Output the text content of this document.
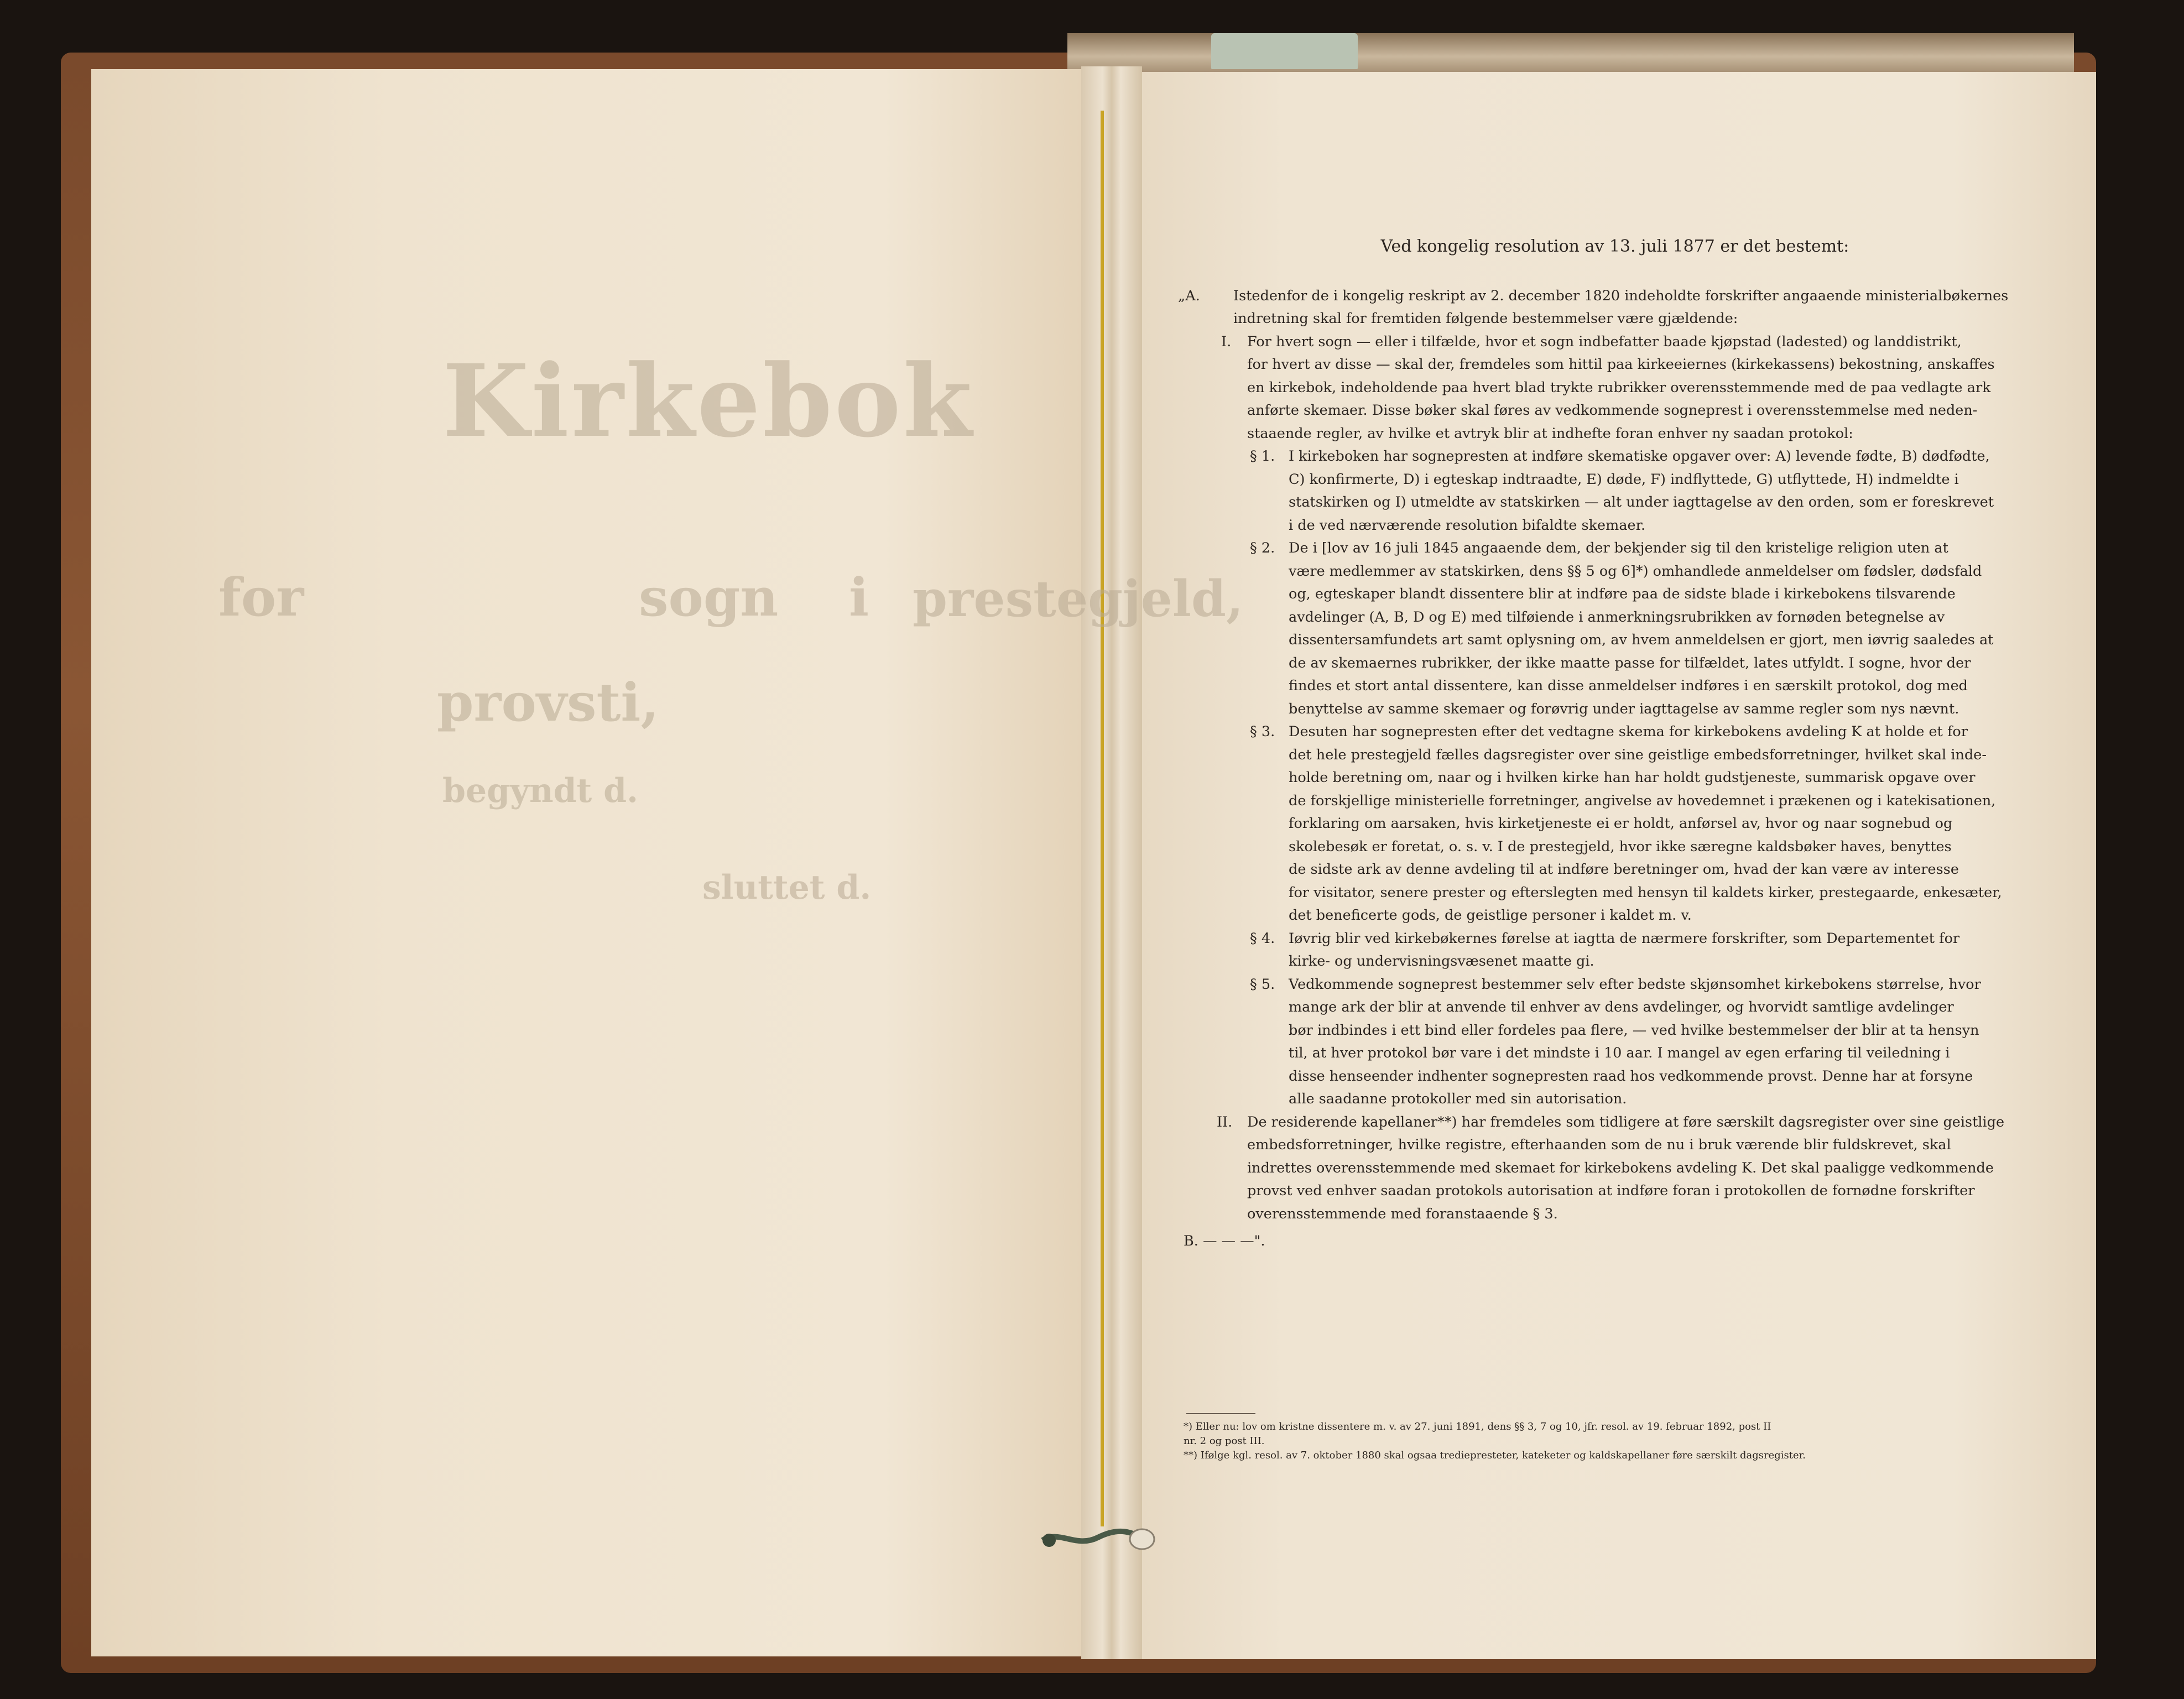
Kirkebok
for	sogn i prestegjeld,
provsti,
begyndt d.
sluttet d.
Ved kongelig resolution av 13. juli 1877 er det bestemt:
„A. Istedenfor de i kongelig reskript av 2. december 1820 indeholdte forskrifter angaaende ministerialbøkernes
indretning skal for fremtiden følgende bestemmelser være gjældende:
I. For hvert sogn — eller i tilfælde, hvor et sogn indbefatter baade kjøpstad (ladested) og landdistrikt,
for hvert av disse — skal der, fremdeles som hittil paa kirkeeiernes (kirkekassens) bekostning, anskaffes
en kirkebok, indeholdende paa hvert blad trykte rubrikker overensstemmende med de paa vedlagte ark
anførte skemaer. Disse bøker skal føres av vedkommende sogneprest i overensstemmelse med neden-
staaende regler, av hvilke et avtryk blir at indhefte foran enhver ny saadan protokol:
§ 1. I kirkeboken har sognepresten at indføre skematiske opgaver over: A) levende fødte, B) dødfødte,
C) konfirmerte, D) i egteskap indtraadte, E) døde, F) indflyttede, G) utflyttede, H) indmeldte i
statskirken og I) utmeldte av statskirken — alt under iagttagelse av den orden, som er foreskrevet
i de ved nærværende resolution bifaldte skemaer.
§ 2. De i [lov av 16 juli 1845 angaaende dem, der bekjender sig til den kristelige religion uten at
være medlemmer av statskirken, dens §§ 5 og 6]*) omhandlede anmeldelser om fødsler, dødsfald
og, egteskaper blandt dissentere blir at indføre paa de sidste blade i kirkebokens tilsvarende
avdelinger (A, B, D og E) med tilføiende i anmerkningsrubrikken av fornøden betegnelse av
dissentersamfundets art samt oplysning om, av hvem anmeldelsen er gjort, men iøvrig saaledes at
de av skemaernes rubrikker, der ikke maatte passe for tilfældet, lates utfyldt. I sogne, hvor der
findes et stort antal dissentere, kan disse anmeldelser indføres i en særskilt protokol, dog med
benyttelse av samme skemaer og forøvrig under iagttagelse av samme regler som nys nævnt.
§ 3. Desuten har sognepresten efter det vedtagne skema for kirkebokens avdeling K at holde et for
det hele prestegjeld fælles dagsregister over sine geistlige embedsforretninger, hvilket skal inde-
holde beretning om, naar og i hvilken kirke han har holdt gudstjeneste, summarisk opgave over
de forskjellige ministerielle forretninger, angivelse av hovedemnet i prækenen og i katekisationen,
forklaring om aarsaken, hvis kirketjeneste ei er holdt, anførsel av, hvor og naar sognebud og
skolebesøk er foretat, o. s. v. I de prestegjeld, hvor ikke særegne kaldsbøker haves, benyttes
de sidste ark av denne avdeling til at indføre beretninger om, hvad der kan være av interesse
for visitator, senere prester og efterslegten med hensyn til kaldets kirker, prestegaarde, enkesæter,
det beneficerte gods, de geistlige personer i kaldet m. v.
§ 4. Iøvrig blir ved kirkebøkernes førelse at iagtta de nærmere forskrifter, som Departementet for
kirke- og undervisningsvæsenet maatte gi.
§ 5. Vedkommende sogneprest bestemmer selv efter bedste skjønsomhet kirkebokens størrelse, hvor
mange ark der blir at anvende til enhver av dens avdelinger, og hvorvidt samtlige avdelinger
bør indbindes i ett bind eller fordeles paa flere, — ved hvilke bestemmelser der blir at ta hensyn
til, at hver protokol bør vare i det mindste i 10 aar. I mangel av egen erfaring til veiledning i
disse henseender indhenter sognepresten raad hos vedkommende provst. Denne har at forsyne
alle saadanne protokoller med sin autorisation.
II. De residerende kapellaner**) har fremdeles som tidligere at føre særskilt dagsregister over sine geistlige
embedsforretninger, hvilke registre, efterhaanden som de nu i bruk værende blir fuldskrevet, skal
indrettes overensstemmende med skemaet for kirkebokens avdeling K. Det skal paaligge vedkommende
provst ved enhver saadan protokols autorisation at indføre foran i protokollen de fornødne forskrifter
overensstemmende med foranstaaende § 3.
B. — — —".
*) Eller nu: lov om kristne dissentere m. v. av 27. juni 1891, dens §§ 3, 7 og 10, jfr. resol. av 19. februar 1892, post II
nr. 2 og post III.
**) Ifølge kgl. resol. av 7. oktober 1880 skal ogsaa trediepresteter, kateketer og kaldskapellaner føre særskilt dagsregister.
